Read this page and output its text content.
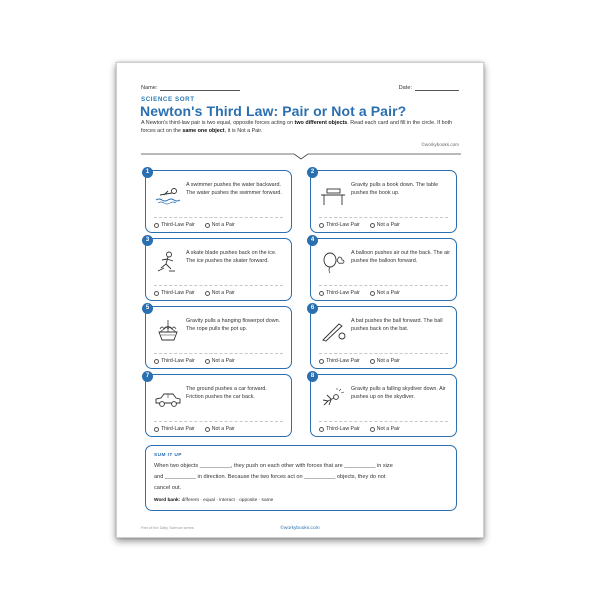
Name:	Date:
SCIENCE SORT
Newton's Third Law: Pair or Not a Pair?
A Newton's third-law pair is two equal, opposite forces acting on two different objects. Read each card and fill in the circle. If both forces act on the same one object, it is Not a Pair.
©workybooks.com
1
A swimmer pushes the water backward. The water pushes the swimmer forward.
Third-Law Pair	Not a Pair
2
Gravity pulls a book down. The table pushes the book up.
Third-Law Pair	Not a Pair
3
A skate blade pushes back on the ice. The ice pushes the skater forward.
Third-Law Pair	Not a Pair
4
A balloon pushes air out the back. The air pushes the balloon forward.
Third-Law Pair	Not a Pair
5
Gravity pulls a hanging flowerpot down. The rope pulls the pot up.
Third-Law Pair	Not a Pair
6
A bat pushes the ball forward. The ball pushes back on the bat.
Third-Law Pair	Not a Pair
7
The ground pushes a car forward. Friction pushes the car back.
Third-Law Pair	Not a Pair
8
Gravity pulls a falling skydiver down. Air pushes up on the skydiver.
Third-Law Pair	Not a Pair
SUM IT UP
When two objects __________, they push on each other with forces that are __________ in size
and __________ in direction. Because the two forces act on __________ objects, they do not
cancel out.
Word bank: different · equal · interact · opposite · same
Part of the Daily Science series	©workybooks.com
